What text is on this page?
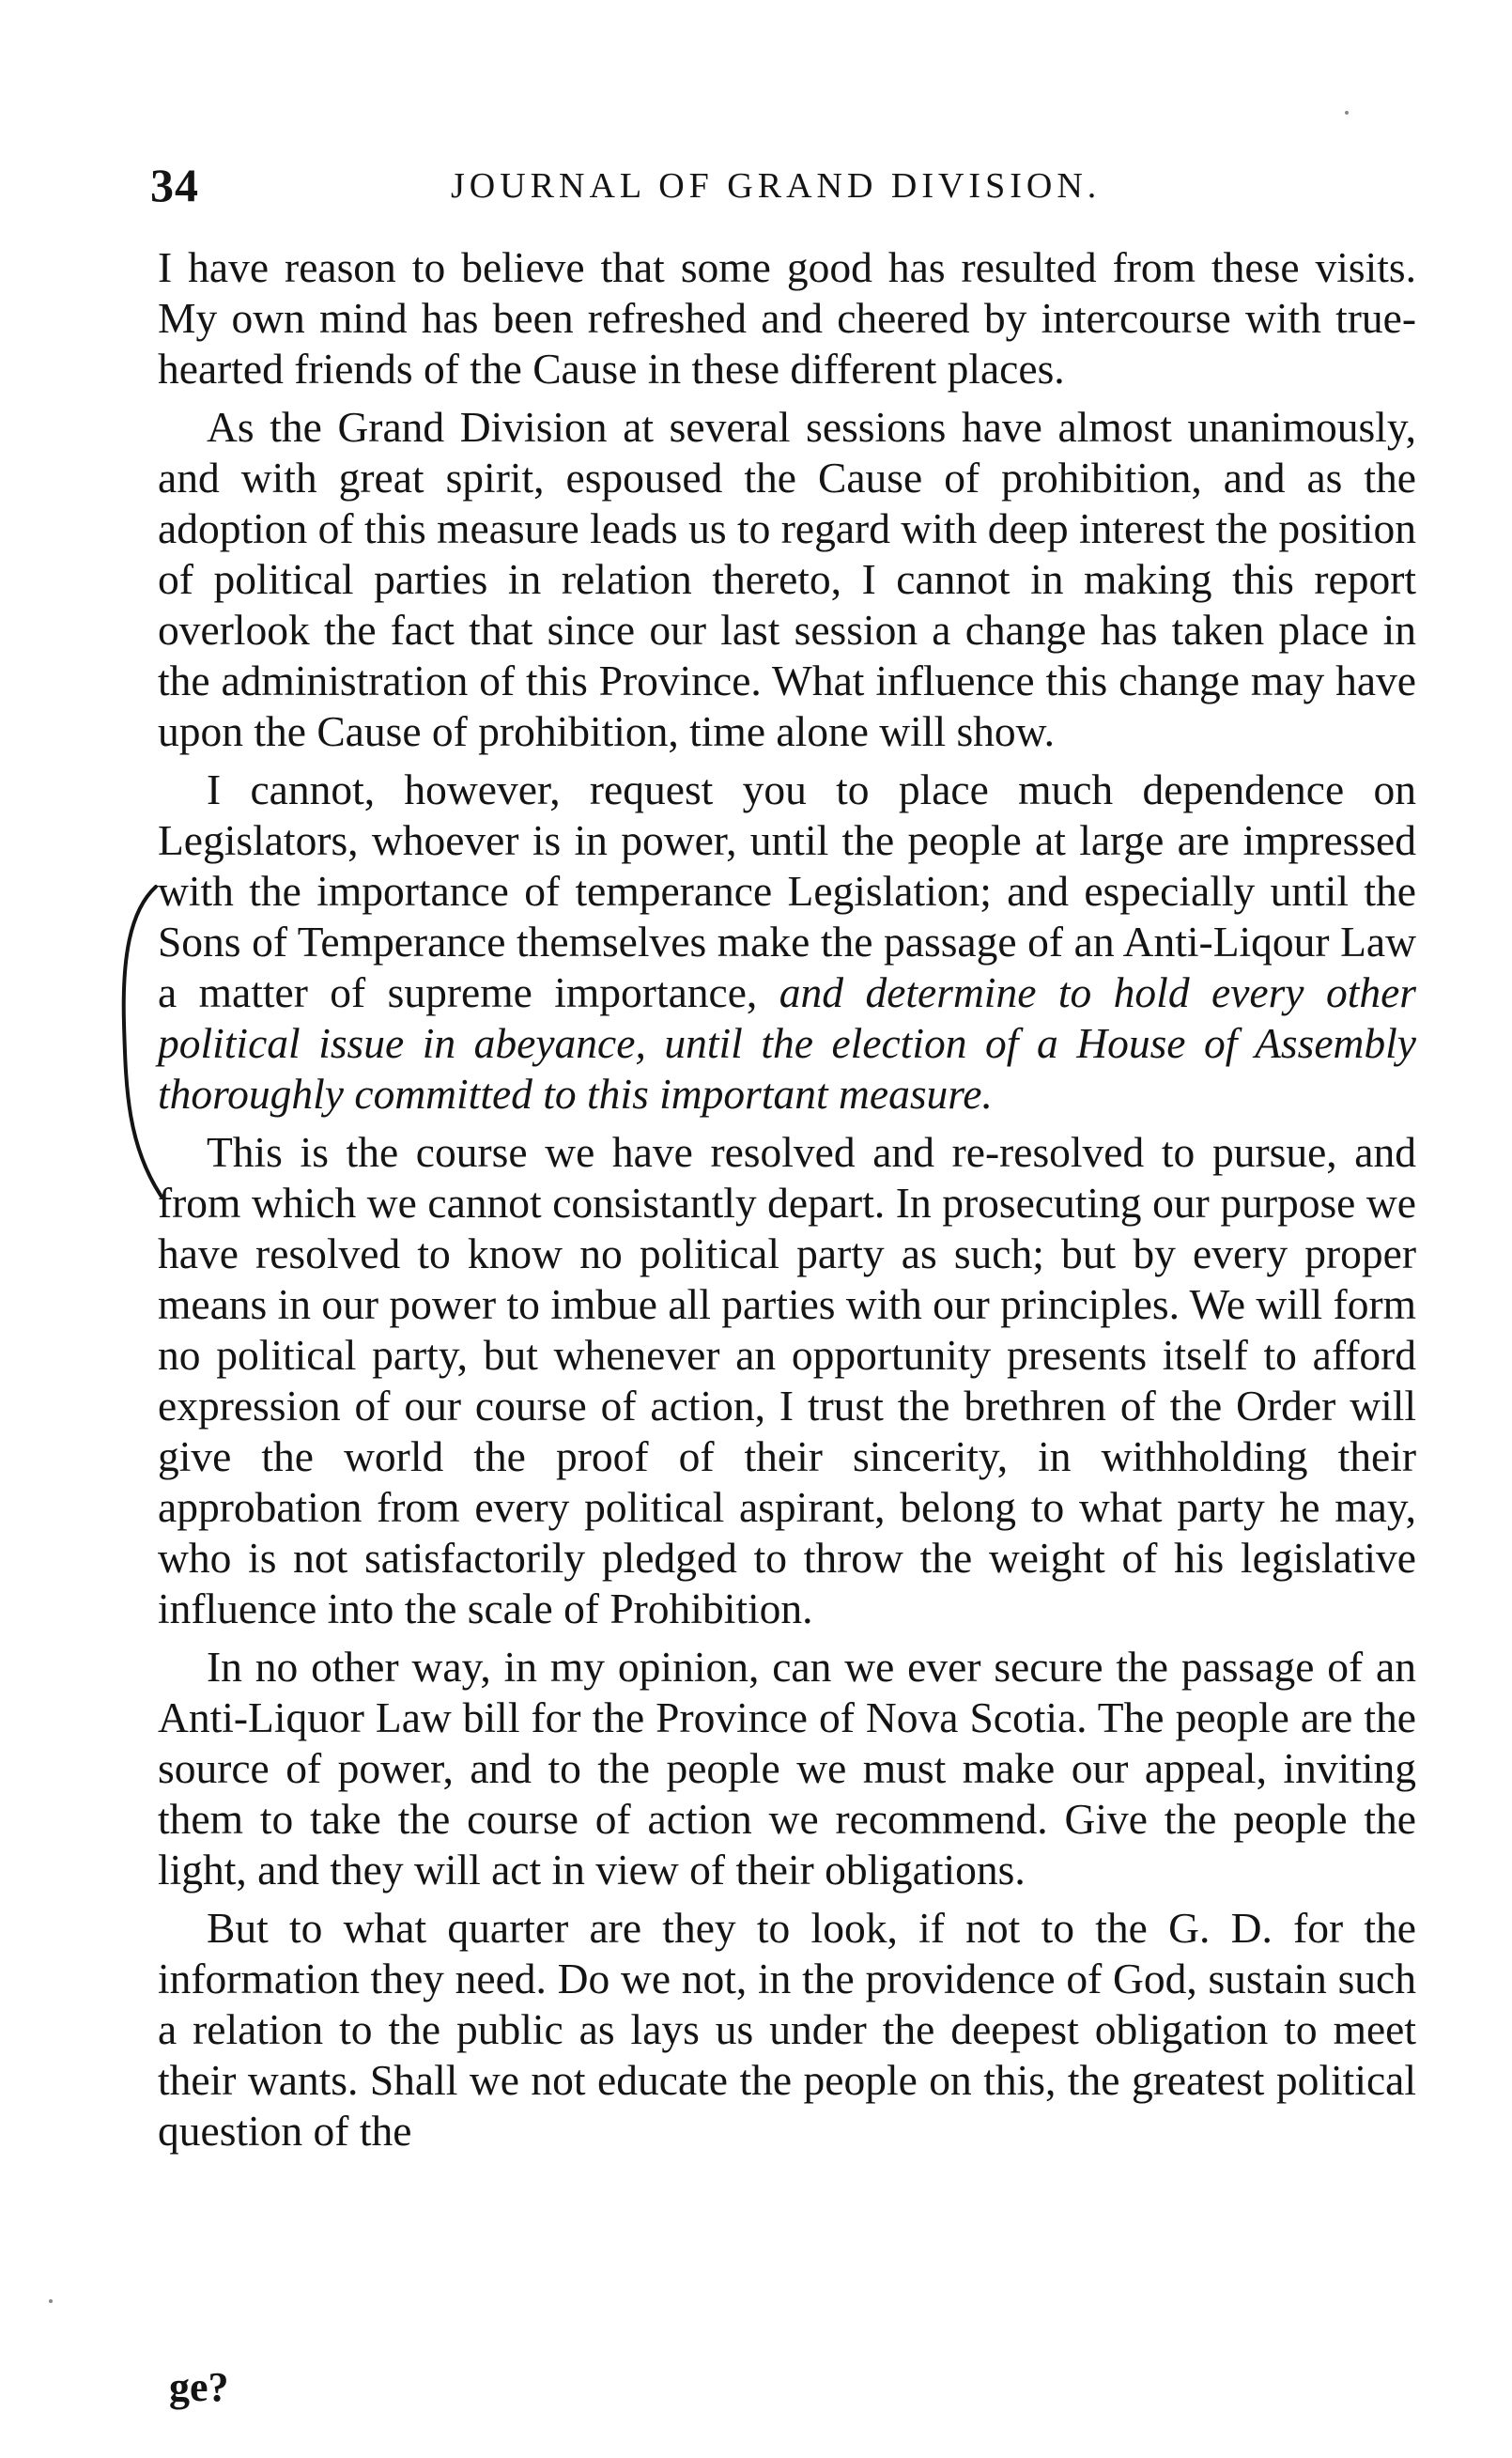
34	JOURNAL OF GRAND DIVISION.

I have reason to believe that some good has resulted from these visits. My own mind has been refreshed and cheered by intercourse with true-hearted friends of the Cause in these different places.

As the Grand Division at several sessions have almost unanimously, and with great spirit, espoused the Cause of prohibition, and as the adoption of this measure leads us to regard with deep interest the position of political parties in relation thereto, I cannot in making this report overlook the fact that since our last session a change has taken place in the administration of this Province. What influence this change may have upon the Cause of prohibition, time alone will show.

I cannot, however, request you to place much dependence on Legislators, whoever is in power, until the people at large are impressed with the importance of temperance Legislation; and especially until the Sons of Temperance themselves make the passage of an Anti-Liqour Law a matter of supreme importance, and determine to hold every other political issue in abeyance, until the election of a House of Assembly thoroughly committed to this important measure.

This is the course we have resolved and re-resolved to pursue, and from which we cannot consistantly depart. In prosecuting our purpose we have resolved to know no political party as such; but by every proper means in our power to imbue all parties with our principles. We will form no political party, but whenever an opportunity presents itself to afford expression of our course of action, I trust the brethren of the Order will give the world the proof of their sincerity, in withholding their approbation from every political aspirant, belong to what party he may, who is not satisfactorily pledged to throw the weight of his legislative influence into the scale of Prohibition.

In no other way, in my opinion, can we ever secure the passage of an Anti-Liquor Law bill for the Province of Nova Scotia. The people are the source of power, and to the people we must make our appeal, inviting them to take the course of action we recommend. Give the people the light, and they will act in view of their obligations.

But to what quarter are they to look, if not to the G. D. for the information they need. Do we not, in the providence of God, sustain such a relation to the public as lays us under the deepest obligation to meet their wants. Shall we not educate the people on this, the greatest political question of the

ge?
